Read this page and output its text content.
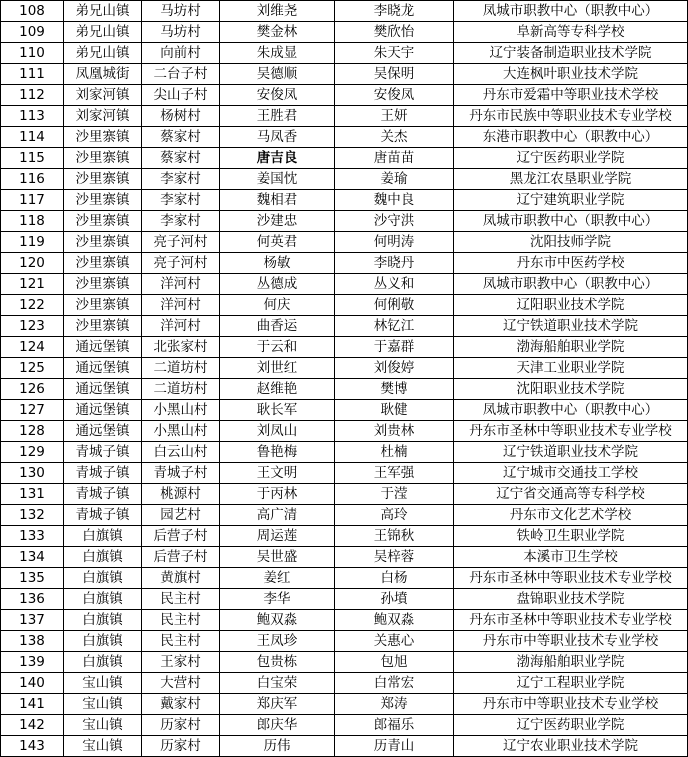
108	弟兄山镇	马坊村	刘维尧	李晓龙	凤城市职教中心（职教中心）
109	弟兄山镇	马坊村	樊金林	樊欣怡	阜新高等专科学校
110	弟兄山镇	向前村	朱成显	朱天宇	辽宁装备制造职业技术学院
111	凤凰城街	二台子村	吴德顺	吴保明	大连枫叶职业技术学院
112	刘家河镇	尖山子村	安俊凤	安俊凤	丹东市爱霜中等职业技术学校
113	刘家河镇	杨树村	王胜君	王妍	丹东市民族中等职业技术专业学校
114	沙里寨镇	蔡家村	马凤香	关杰	东港市职教中心（职教中心）
115	沙里寨镇	蔡家村	唐吉良	唐苗苗	辽宁医药职业学院
116	沙里寨镇	李家村	姜国忱	姜瑜	黑龙江农垦职业学院
117	沙里寨镇	李家村	魏相君	魏中良	辽宁建筑职业学院
118	沙里寨镇	李家村	沙建忠	沙守洪	凤城市职教中心（职教中心）
119	沙里寨镇	亮子河村	何英君	何明涛	沈阳技师学院
120	沙里寨镇	亮子河村	杨敏	李晓丹	丹东市中医药学校
121	沙里寨镇	洋河村	丛德成	丛义和	凤城市职教中心（职教中心）
122	沙里寨镇	洋河村	何庆	何俐敬	辽阳职业技术学院
123	沙里寨镇	洋河村	曲香运	林钇江	辽宁铁道职业技术学院
124	通远堡镇	北张家村	于云和	于嘉群	渤海船舶职业学院
125	通远堡镇	二道坊村	刘世红	刘俊婷	天津工业职业学院
126	通远堡镇	二道坊村	赵维艳	樊博	沈阳职业技术学院
127	通远堡镇	小黑山村	耿长军	耿健	凤城市职教中心（职教中心）
128	通远堡镇	小黑山村	刘凤山	刘贵林	丹东市圣林中等职业技术专业学校
129	青城子镇	白云山村	鲁艳梅	杜楠	辽宁铁道职业技术学院
130	青城子镇	青城子村	王文明	王军强	辽宁城市交通技工学校
131	青城子镇	桃源村	于丙林	于滢	辽宁省交通高等专科学校
132	青城子镇	园艺村	高广清	高玲	丹东市文化艺术学校
133	白旗镇	后营子村	周运莲	王锦秋	铁岭卫生职业学院
134	白旗镇	后营子村	吴世盛	吴梓蓉	本溪市卫生学校
135	白旗镇	黄旗村	姜红	白杨	丹东市圣林中等职业技术专业学校
136	白旗镇	民主村	李华	孙墳	盘锦职业技术学院
137	白旗镇	民主村	鲍双淼	鲍双淼	丹东市圣林中等职业技术专业学校
138	白旗镇	民主村	王凤珍	关惠心	丹东市中等职业技术专业学校
139	白旗镇	王家村	包贵栋	包旭	渤海船舶职业学院
140	宝山镇	大营村	白宝荣	白常宏	辽宁工程职业学院
141	宝山镇	戴家村	郑庆军	郑涛	丹东市中等职业技术专业学校
142	宝山镇	历家村	郎庆华	郎福乐	辽宁医药职业学院
143	宝山镇	历家村	历伟	历青山	辽宁农业职业技术学院
